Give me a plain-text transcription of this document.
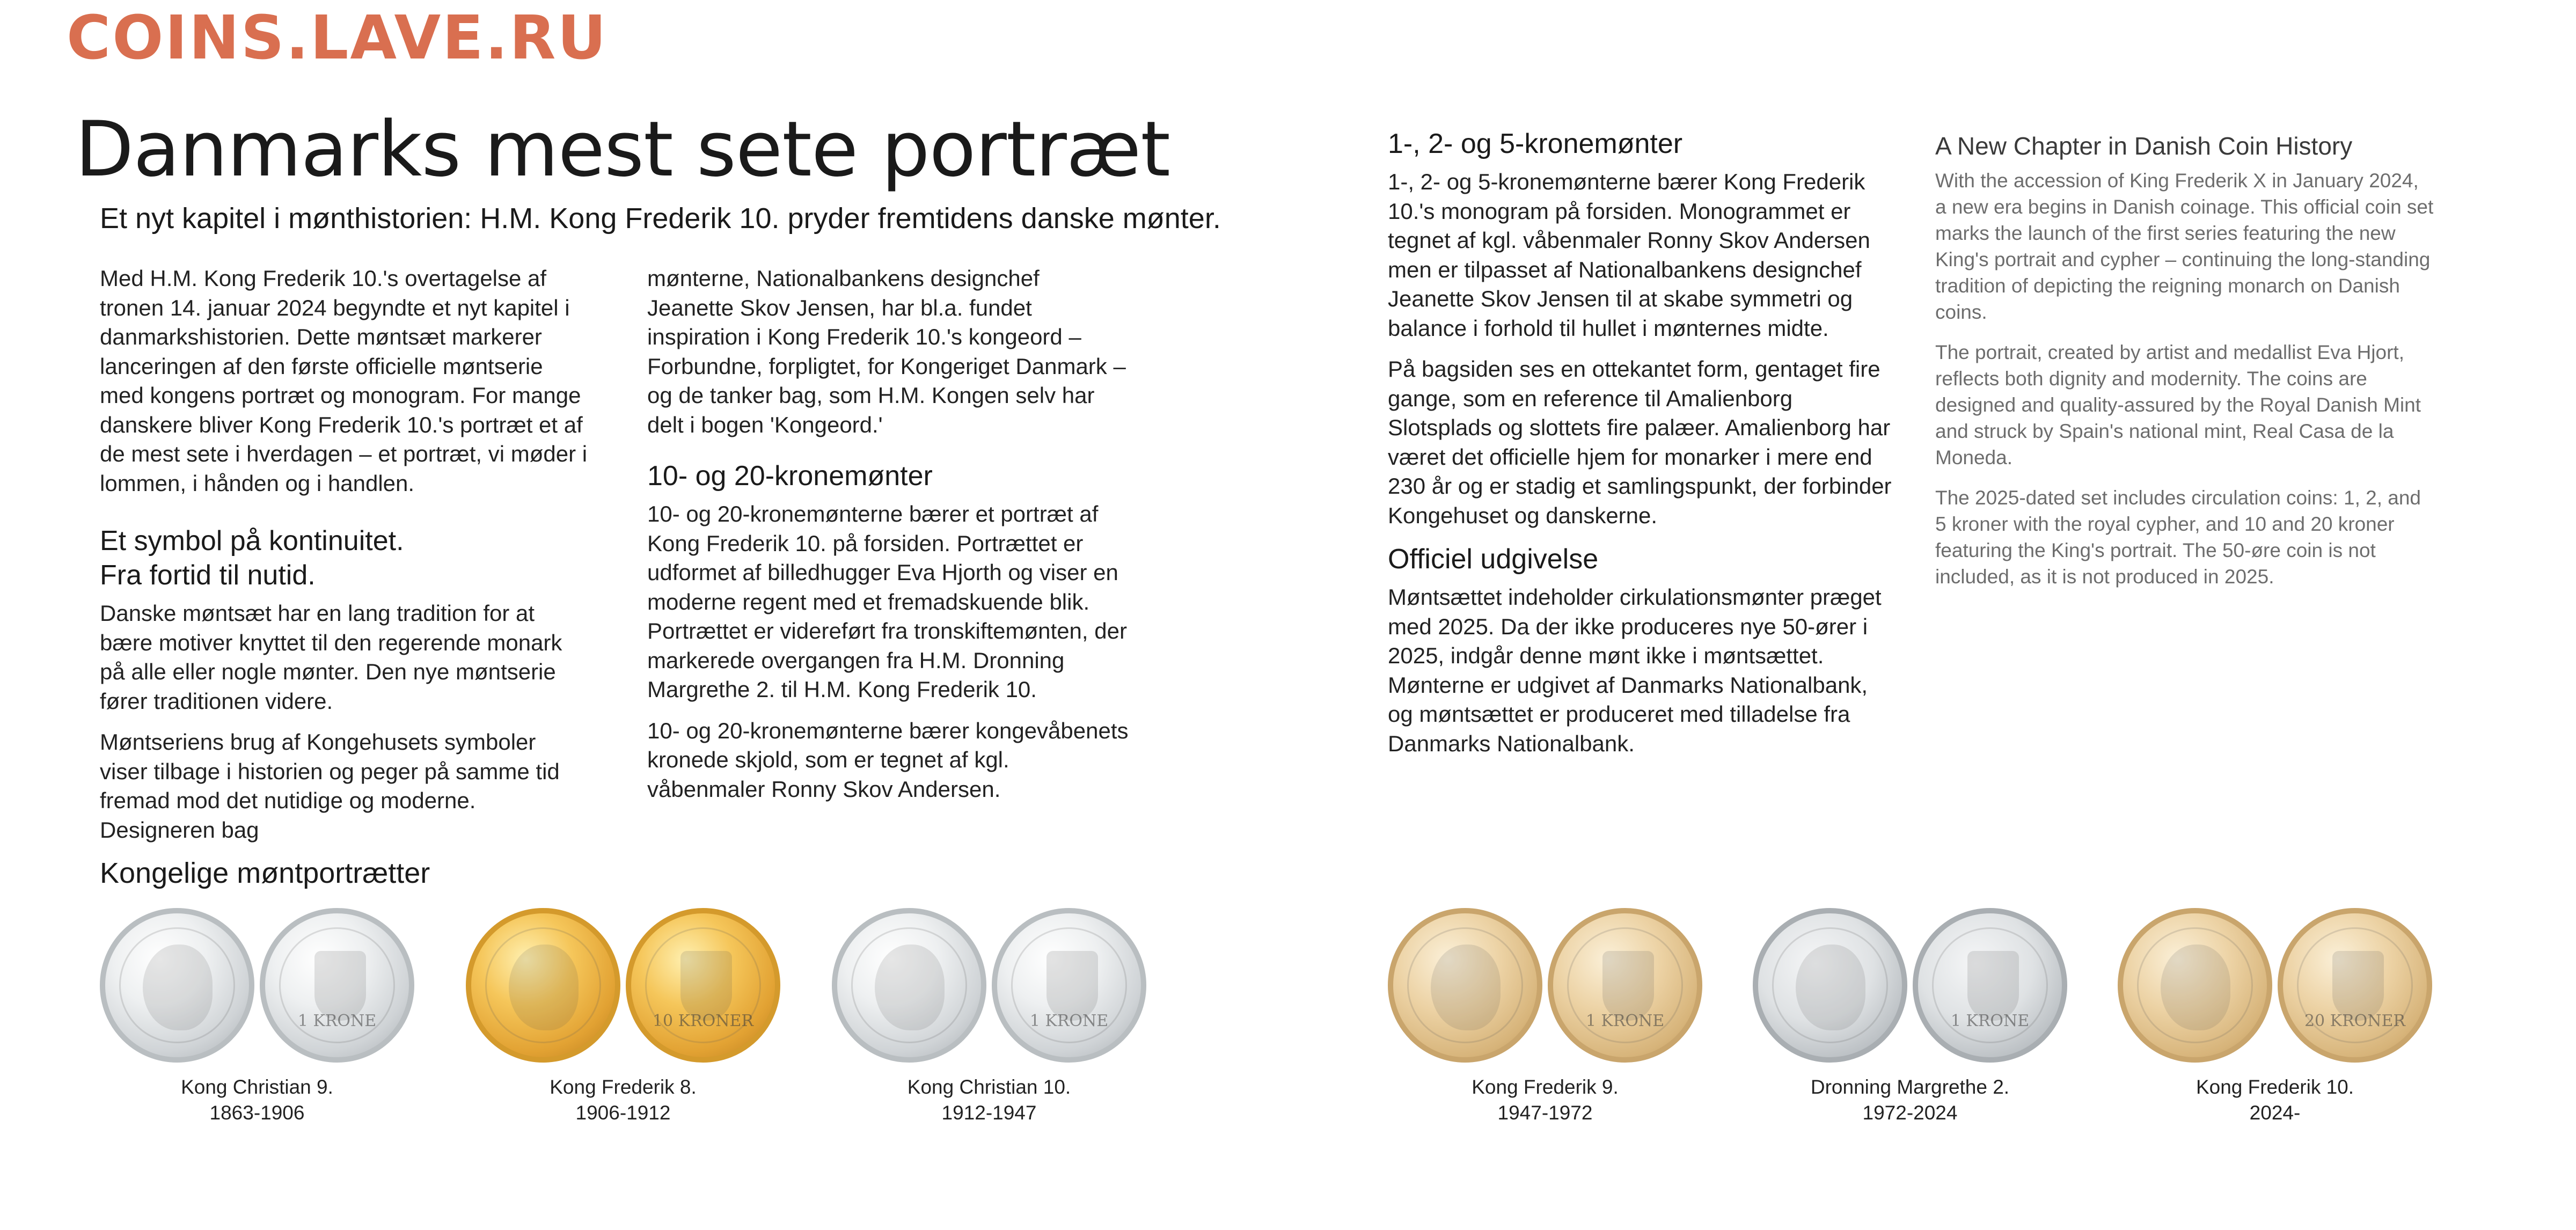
COINS.LAVE.RU
Danmarks mest sete portræt
Et nyt kapitel i mønthistorien: H.M. Kong Frederik 10. pryder fremtidens danske mønter.

Med H.M. Kong Frederik 10.'s overtagelse af tronen 14. januar 2024 begyndte et nyt kapitel i danmarkshistorien. Dette møntsæt markerer lanceringen af den første officielle møntserie med kongens portræt og monogram. For mange danskere bliver Kong Frederik 10.'s portræt et af de mest sete i hverdagen – et portræt, vi møder i lommen, i hånden og i handlen.

Et symbol på kontinuitet.
Fra fortid til nutid.

Danske møntsæt har en lang tradition for at bære motiver knyttet til den regerende monark på alle eller nogle mønter. Den nye møntserie fører traditionen videre.

Møntseriens brug af Kongehusets symboler viser tilbage i historien og peger på samme tid fremad mod det nutidige og moderne. Designeren bag

mønterne, Nationalbankens designchef Jeanette Skov Jensen, har bl.a. fundet inspiration i Kong Frederik 10.'s kongeord – Forbundne, forpligtet, for Kongeriget Danmark – og de tanker bag, som H.M. Kongen selv har delt i bogen 'Kongeord.'

10- og 20-kronemønter

10- og 20-kronemønterne bærer et portræt af Kong Frederik 10. på forsiden. Portrættet er udformet af billedhugger Eva Hjorth og viser en moderne regent med et fremadskuende blik. Portrættet er videreført fra tronskiftemønten, der markerede overgangen fra H.M. Dronning Margrethe 2. til H.M. Kong Frederik 10.

10- og 20-kronemønterne bærer kongevåbenets kronede skjold, som er tegnet af kgl. våbenmaler Ronny Skov Andersen.

1-, 2- og 5-kronemønter

1-, 2- og 5-kronemønterne bærer Kong Frederik 10.'s monogram på forsiden. Monogrammet er tegnet af kgl. våbenmaler Ronny Skov Andersen men er tilpasset af Nationalbankens designchef Jeanette Skov Jensen til at skabe symmetri og balance i forhold til hullet i mønternes midte.

På bagsiden ses en ottekantet form, gentaget fire gange, som en reference til Amalienborg Slotsplads og slottets fire palæer. Amalienborg har været det officielle hjem for monarker i mere end 230 år og er stadig et samlingspunkt, der forbinder Kongehuset og danskerne.

Officiel udgivelse

Møntsættet indeholder cirkulationsmønter præget med 2025. Da der ikke produceres nye 50-ører i 2025, indgår denne mønt ikke i møntsættet. Mønterne er udgivet af Danmarks Nationalbank, og møntsættet er produceret med tilladelse fra Danmarks Nationalbank.

A New Chapter in Danish Coin History

With the accession of King Frederik X in January 2024, a new era begins in Danish coinage. This official coin set marks the launch of the first series featuring the new King's portrait and cypher – continuing the long-standing tradition of depicting the reigning monarch on Danish coins.

The portrait, created by artist and medallist Eva Hjort, reflects both dignity and modernity. The coins are designed and quality-assured by the Royal Danish Mint and struck by Spain's national mint, Real Casa de la Moneda.

The 2025-dated set includes circulation coins: 1, 2, and 5 kroner with the royal cypher, and 10 and 20 kroner featuring the King's portrait. The 50-øre coin is not included, as it is not produced in 2025.

Kongelige møntportrætter
1 KRONE
Kong Christian 9.
1863-1906
10 KRONER
Kong Frederik 8.
1906-1912
1 KRONE
Kong Christian 10.
1912-1947
1 KRONE
Kong Frederik 9.
1947-1972
1 KRONE
Dronning Margrethe 2.
1972-2024
20 KRONER
Kong Frederik 10.
2024-
